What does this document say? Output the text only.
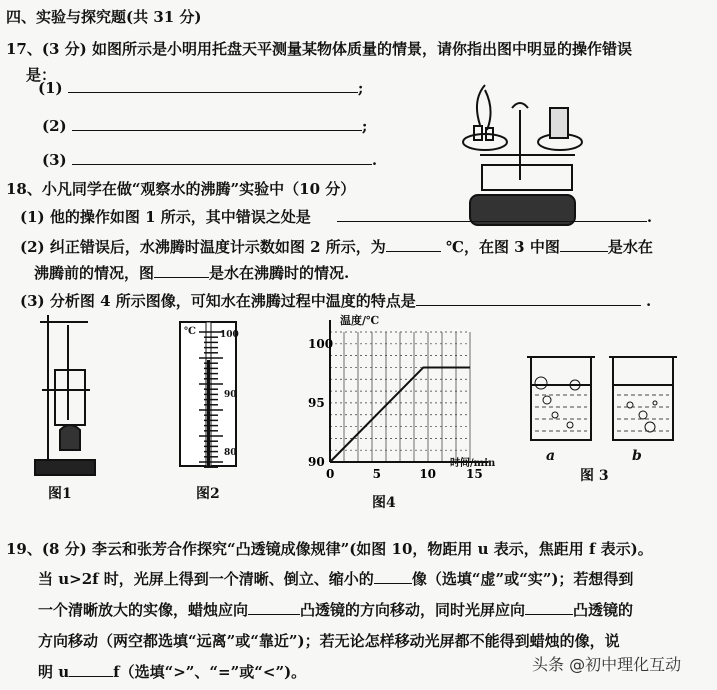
四、实验与探究题(共 31 分)
17、(3 分) 如图所示是小明用托盘天平测量某物体质量的情景，请你指出图中明显的操作错误
是：
(1)	;
(2)	;
(3)	.
18、小凡同学在做“观察水的沸腾”实验中（10 分）
(1) 他的操作如图 1 所示，其中错误之处是	.
(2) 纠正错误后，水沸腾时温度计示数如图 2 所示，为	℃，在图 3 中图	是水在
沸腾前的情况，图	是水在沸腾时的情况.
(3) 分析图 4 所示图像，可知水在沸腾过程中温度的特点是	.
图1
℃	100
90
80
图2
0	5	10 15
90
95
100
温度/℃
时间/min
图4
a	b
图 3
19、(8 分) 李云和张芳合作探究“凸透镜成像规律”(如图 10，物距用 u 表示，焦距用 f 表示)。
当 u>2f 时，光屏上得到一个清晰、倒立、缩小的	像（选填“虚”或“实”)；若想得到
一个清晰放大的实像，蜡烛应向	凸透镜的方向移动，同时光屏应向	凸透镜的
方向移动（两空都选填“远离”或“靠近”)；若无论怎样移动光屏都不能得到蜡烛的像，说
明 u	f（选填“>”、“=”或“<”)。	头条 @初中理化互动
